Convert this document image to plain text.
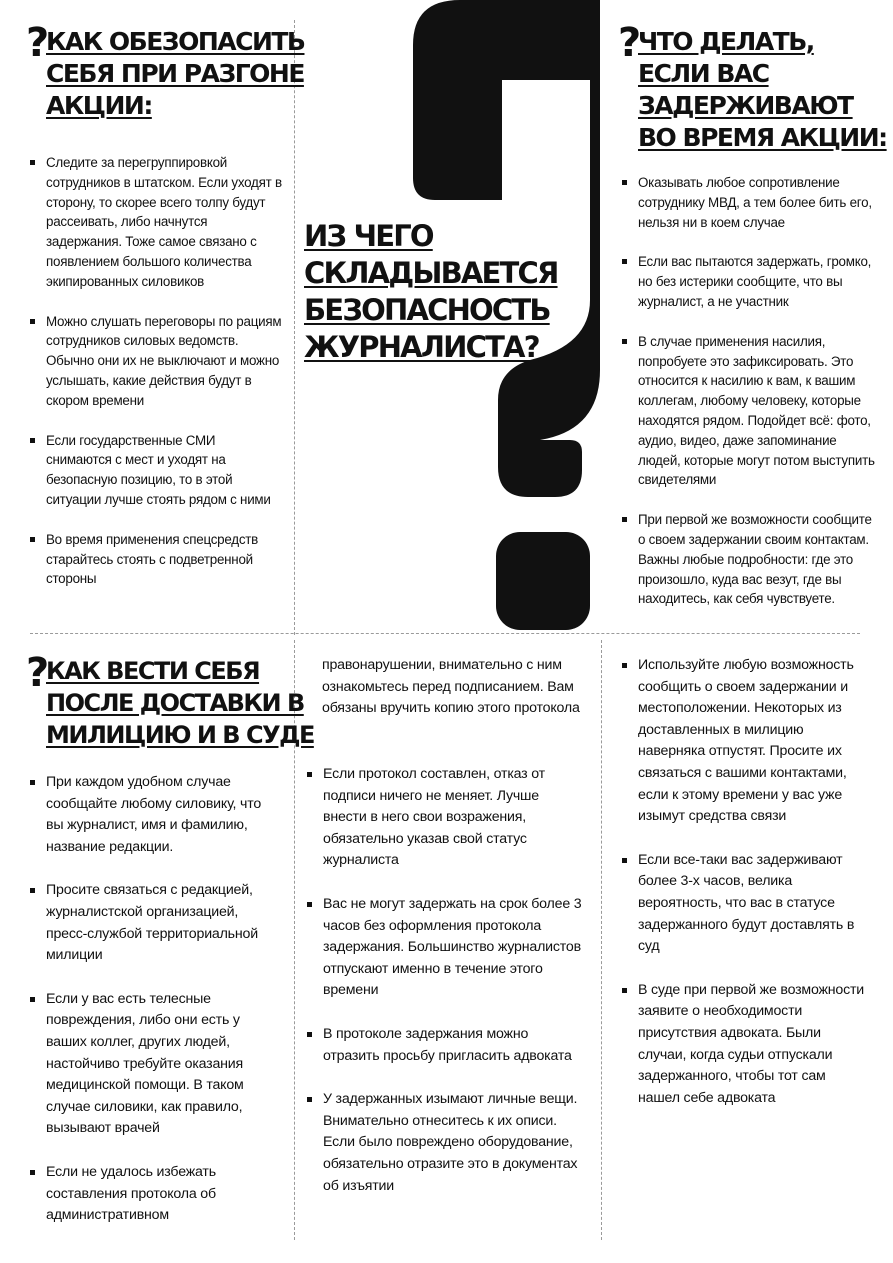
?
КАК ОБЕЗОПАСИТЬ
СЕБЯ ПРИ РАЗГОНЕ
АКЦИИ:
Следите за перегруппировкой сотрудников в штатском. Если уходят в сторону, то скорее всего толпу будут рассеивать, либо начнутся задержания. Тоже самое связано с появлением большого количества экипированных силовиков
Можно слушать переговоры по рациям сотрудников силовых ведомств. Обычно они их не выключают и можно услышать, какие действия будут в скором времени
Если государственные СМИ снимаются с мест и уходят на безопасную позицию, то в этой ситуации лучше стоять рядом с ними
Во время применения спецсредств старайтесь стоять с подветренной стороны
ИЗ ЧЕГО
СКЛАДЫВАЕТСЯ
БЕЗОПАСНОСТЬ
ЖУРНАЛИСТА?
?
ЧТО ДЕЛАТЬ,
ЕСЛИ ВАС
ЗАДЕРЖИВАЮТ
ВО ВРЕМЯ АКЦИИ:
Оказывать любое сопротивление сотруднику МВД, а тем более бить его, нельзя ни в коем случае
Если вас пытаются задержать, громко, но без истерики сообщите, что вы журналист, а не участник
В случае применения насилия, попробуете это зафиксировать. Это относится к насилию к вам, к вашим коллегам, любому человеку, которые находятся рядом. Подойдет всё: фото, аудио, видео, даже запоминание людей, которые могут потом выступить свидетелями
При первой же возможности сообщите о своем задержании своим контактам. Важны любые подробности: где это произошло, куда вас везут, где вы находитесь, как себя чувствуете.
?
КАК ВЕСТИ СЕБЯ
ПОСЛЕ ДОСТАВКИ В
МИЛИЦИЮ И В СУДЕ
При каждом удобном случае сообщайте любому силовику, что вы журналист, имя и фамилию, название редакции.
Просите связаться с редакцией, журналистской организацией, пресс-службой территориальной милиции
Если у вас есть телесные повреждения, либо они есть у ваших коллег, других людей, настойчиво требуйте оказания медицинской помощи. В таком случае силовики, как правило, вызывают врачей
Если не удалось избежать составления протокола об административном

правонарушении, внимательно с ним ознакомьтесь перед подписанием. Вам обязаны вручить копию этого протокола

Если протокол составлен, отказ от подписи ничего не меняет. Лучше внести в него свои возражения, обязательно указав свой статус журналиста
Вас не могут задержать на срок более 3 часов без оформления протокола задержания. Большинство журналистов отпускают именно в течение этого времени
В протоколе задержания можно отразить просьбу пригласить адвоката
У задержанных изымают личные вещи. Внимательно отнеситесь к их описи. Если было повреждено оборудование, обязательно отразите это в документах об изъятии
Используйте любую возможность сообщить о своем задержании и местоположении. Некоторых из доставленных в милицию наверняка отпустят. Просите их связаться с вашими контактами, если к этому времени у вас уже изымут средства связи
Если все-таки вас задерживают более 3-х часов, велика вероятность, что вас в статусе задержанного будут доставлять в суд
В суде при первой же возможности заявите о необходимости присутствия адвоката. Были случаи, когда судьи отпускали задержанного, чтобы тот сам нашел себе адвоката
